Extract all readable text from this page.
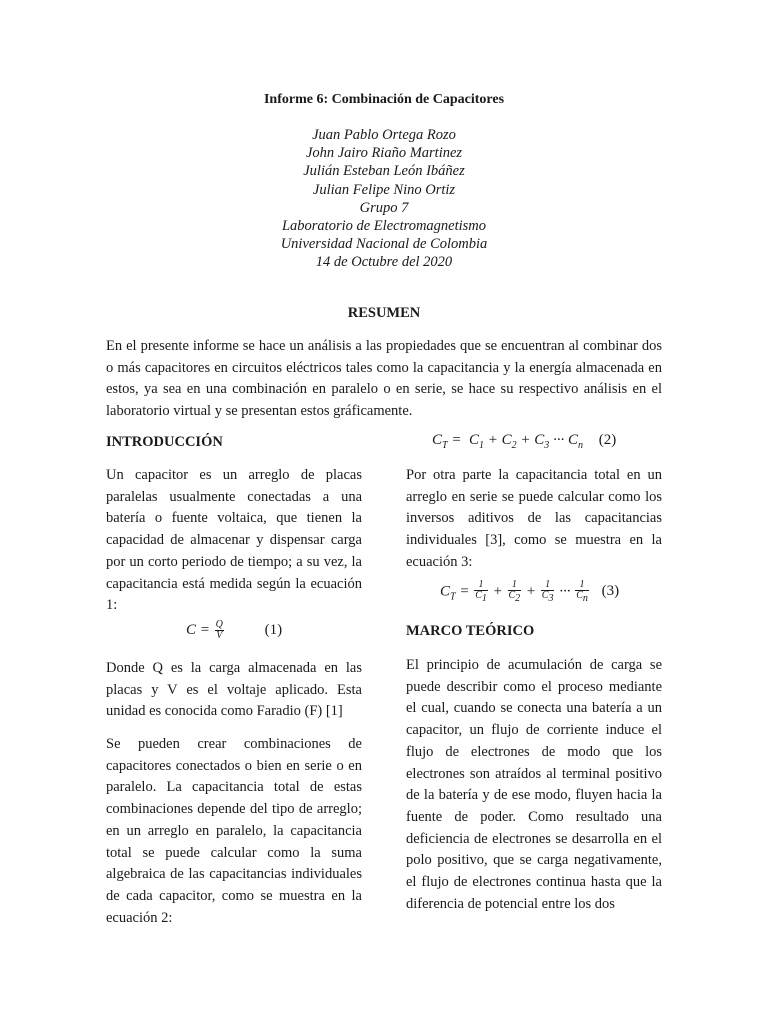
Informe 6: Combinación de Capacitores
Juan Pablo Ortega Rozo
John Jairo Riaño Martinez
Julián Esteban León Ibáñez
Julian Felipe Nino Ortiz
Grupo 7
Laboratorio de Electromagnetismo
Universidad Nacional de Colombia
14 de Octubre del 2020
RESUMEN
En el presente informe se hace un análisis a las propiedades que se encuentran al combinar dos o más capacitores en circuitos eléctricos tales como la capacitancia y la energía almacenada en estos, ya sea en una combinación en paralelo o en serie, se hace su respectivo análisis en el laboratorio virtual y se presentan estos gráficamente.
INTRODUCCIÓN
Un capacitor es un arreglo de placas paralelas usualmente conectadas a una batería o fuente voltaica, que tienen la capacidad de almacenar y dispensar carga por un corto periodo de tiempo; a su vez, la capacitancia está medida según la ecuación 1:
$C = \frac{Q}{V}$	(1)
Donde Q es la carga almacenada en las placas y V es el voltaje aplicado. Esta unidad es conocida como Faradio (F) [1]
Se pueden crear combinaciones de capacitores conectados o bien en serie o en paralelo. La capacitancia total de estas combinaciones depende del tipo de arreglo; en un arreglo en paralelo, la capacitancia total se puede calcular como la suma algebraica de las capacitancias individuales de cada capacitor, como se muestra en la ecuación 2:
$C_T = C_1 + C_2 + C_3$ ··· $C_n$ (2)
Por otra parte la capacitancia total en un arreglo en serie se puede calcular como los inversos aditivos de las capacitancias individuales [3], como se muestra en la ecuación 3:
$C_T = \frac{1}{C_1} + \frac{1}{C_2} + \frac{1}{C_3}$ ··· $\frac{1}{C_n} (3)$
MARCO TEÓRICO
El principio de acumulación de carga se puede describir como el proceso mediante el cual, cuando se conecta una batería a un capacitor, un flujo de corriente induce el flujo de electrones de modo que los electrones son atraídos al terminal positivo de la batería y de ese modo, fluyen hacia la fuente de poder. Como resultado una deficiencia de electrones se desarrolla en el polo positivo, que se carga negativamente, el flujo de electrones continua hasta que la diferencia de potencial entre los dos
